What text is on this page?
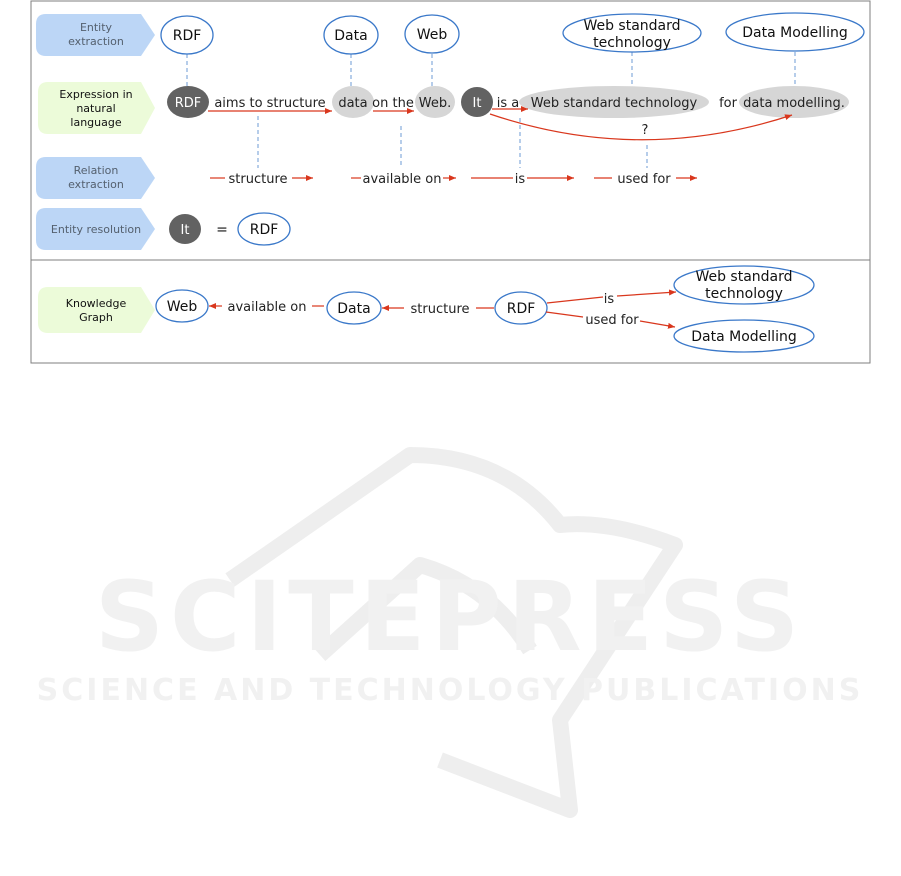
SCITEPRESS
SCIENCE AND TECHNOLOGY PUBLICATIONS
Entity
extraction
Expression in
natural
language
Relation
extraction
Entity resolution
Knowledge
Graph
RDF	Data	Web
Web standard
technology
Data Modelling
RDF aims to structure data on the Web. It is a Web standard technology for data modelling.
?
structure	available on	is	used for
It = RDF
Web	Data	RDF
Web standard
technology
Data Modelling
available on	structure
is
used for
